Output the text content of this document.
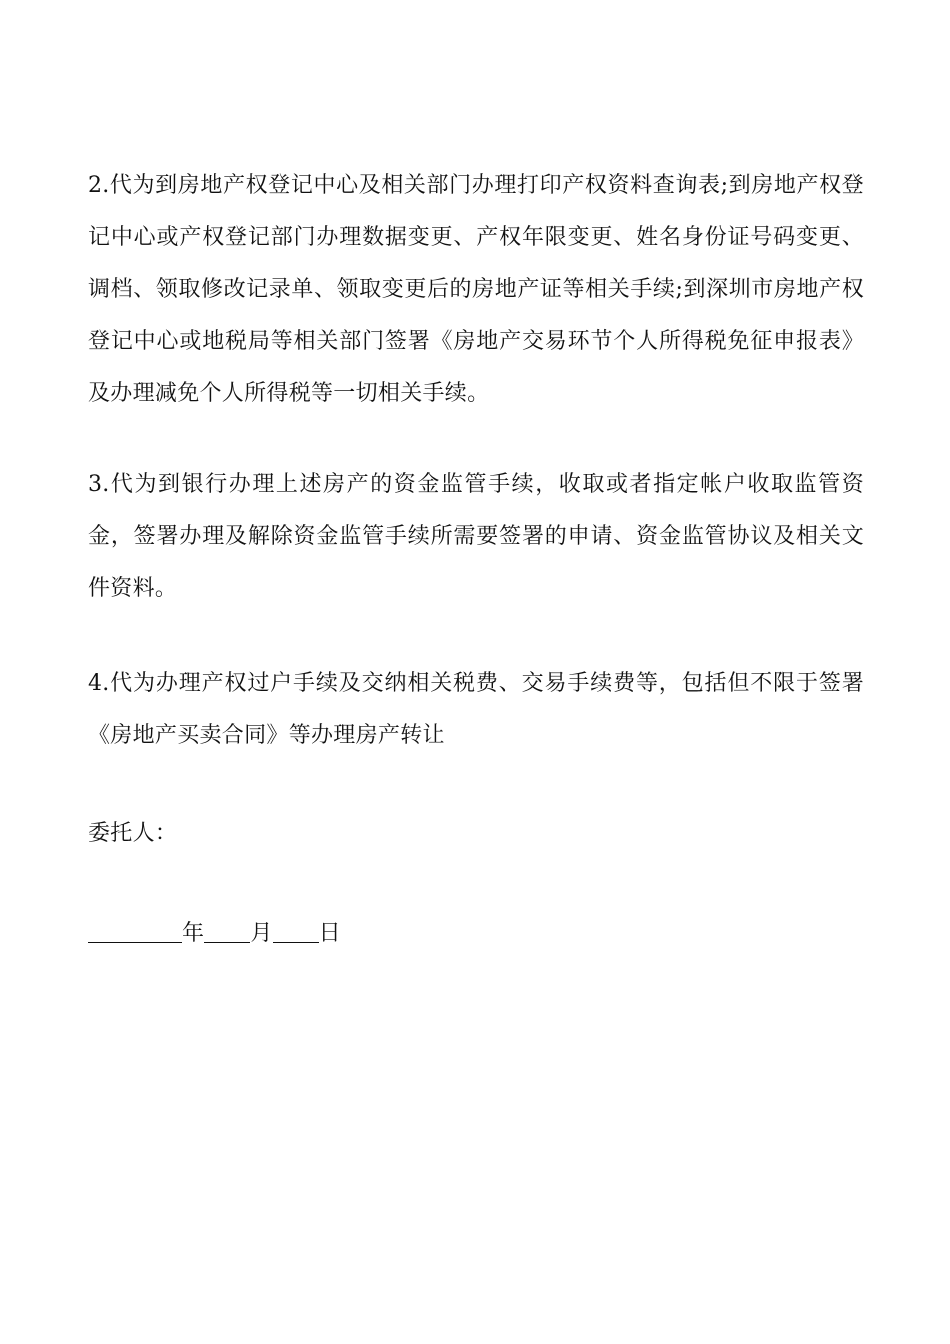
2.代为到房地产权登记中心及相关部门办理打印产权资料查询表;到房地产权登记中心或产权登记部门办理数据变更、产权年限变更、姓名身份证号码变更、调档、领取修改记录单、领取变更后的房地产证等相关手续;到深圳市房地产权登记中心或地税局等相关部门签署《房地产交易环节个人所得税免征申报表》及办理减免个人所得税等一切相关手续。

3.代为到银行办理上述房产的资金监管手续，收取或者指定帐户收取监管资金，签署办理及解除资金监管手续所需要签署的申请、资金监管协议及相关文件资料。

4.代为办理产权过户手续及交纳相关税费、交易手续费等，包括但不限于签署《房地产买卖合同》等办理房产转让

委托人：

年 月 日
